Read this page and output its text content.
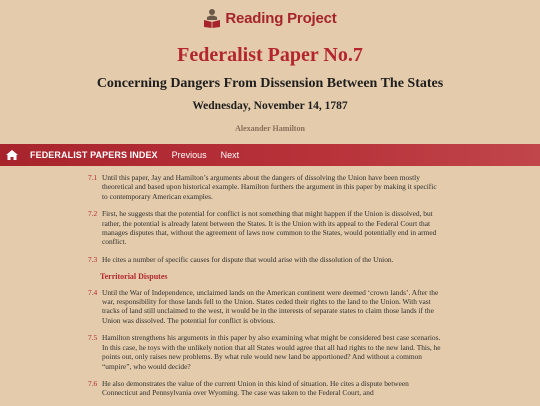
Reading Project
Federalist Paper No.7
Concerning Dangers From Dissension Between The States
Wednesday, November 14, 1787
Alexander Hamilton
FEDERALIST PAPERS INDEX Previous Next
7.1 Until this paper, Jay and Hamilton’s arguments about the dangers of dissolving the Union have been mostly theoretical and based upon historical example. Hamilton furthers the argument in this paper by making it specific to contemporary American examples.
7.2 First, he suggests that the potential for conflict is not something that might happen if the Union is dissolved, but rather, the potential is already latent between the States. It is the Union with its appeal to the Federal Court that manages disputes that, without the agreement of laws now common to the States, would potentially end in armed conflict.
7.3 He cites a number of specific causes for dispute that would arise with the dissolution of the Union.
Territorial Disputes
7.4 Until the War of Independence, unclaimed lands on the American continent were deemed ‘crown lands’. After the war, responsibility for those lands fell to the Union. States ceded their rights to the land to the Union. With vast tracks of land still unclaimed to the west, it would be in the interests of separate states to claim those lands if the Union was dissolved. The potential for conflict is obvious.
7.5 Hamilton strengthens his arguments in this paper by also examining what might be considered best case scenarios. In this case, he toys with the unlikely notion that all States would agree that all had rights to the new land. This, he points out, only raises new problems. By what rule would new land be apportioned? And without a common “umpire”, who would decide?
7.6 He also demonstrates the value of the current Union in this kind of situation. He cites a dispute between Connecticut and Pennsylvania over Wyoming. The case was taken to the Federal Court, and
